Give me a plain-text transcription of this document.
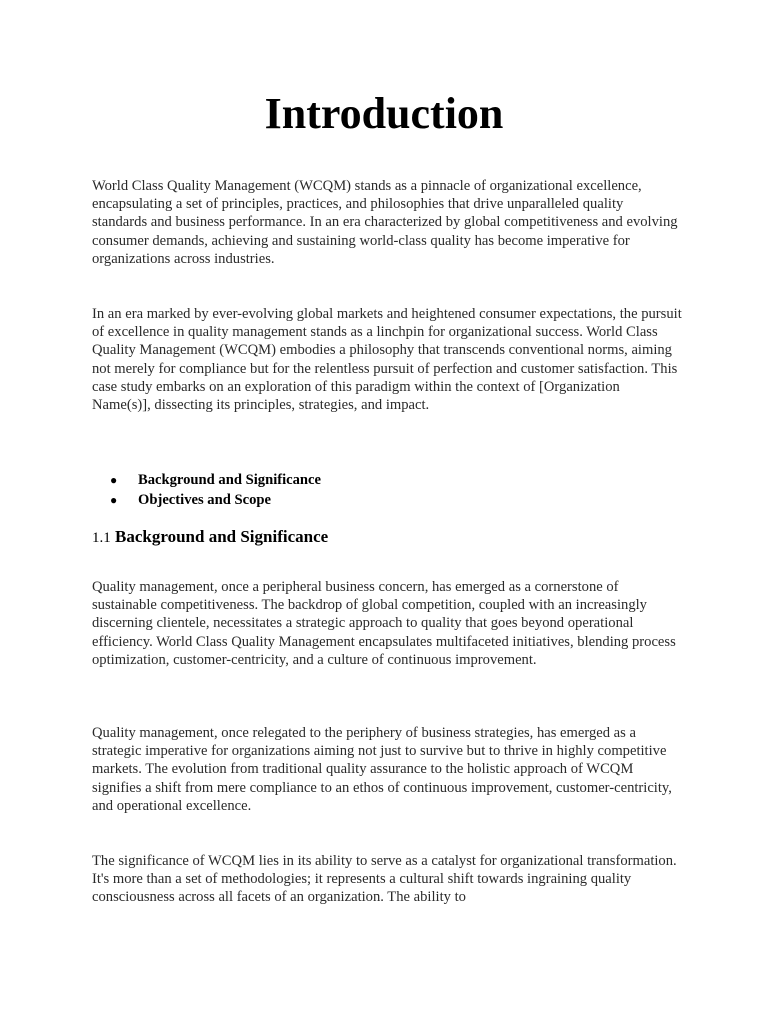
Introduction

World Class Quality Management (WCQM) stands as a pinnacle of organizational excellence, encapsulating a set of principles, practices, and philosophies that drive unparalleled quality standards and business performance. In an era characterized by global competitiveness and evolving consumer demands, achieving and sustaining world-class quality has become imperative for organizations across industries.

In an era marked by ever-evolving global markets and heightened consumer expectations, the pursuit of excellence in quality management stands as a linchpin for organizational success. World Class Quality Management (WCQM) embodies a philosophy that transcends conventional norms, aiming not merely for compliance but for the relentless pursuit of perfection and customer satisfaction. This case study embarks on an exploration of this paradigm within the context of [Organization Name(s)], dissecting its principles, strategies, and impact.

● Background and Significance
● Objectives and Scope
1.1 Background and Significance

Quality management, once a peripheral business concern, has emerged as a cornerstone of sustainable competitiveness. The backdrop of global competition, coupled with an increasingly discerning clientele, necessitates a strategic approach to quality that goes beyond operational efficiency. World Class Quality Management encapsulates multifaceted initiatives, blending process optimization, customer-centricity, and a culture of continuous improvement.

Quality management, once relegated to the periphery of business strategies, has emerged as a strategic imperative for organizations aiming not just to survive but to thrive in highly competitive markets. The evolution from traditional quality assurance to the holistic approach of WCQM signifies a shift from mere compliance to an ethos of continuous improvement, customer-centricity, and operational excellence.

The significance of WCQM lies in its ability to serve as a catalyst for organizational transformation. It's more than a set of methodologies; it represents a cultural shift towards ingraining quality consciousness across all facets of an organization. The ability to
